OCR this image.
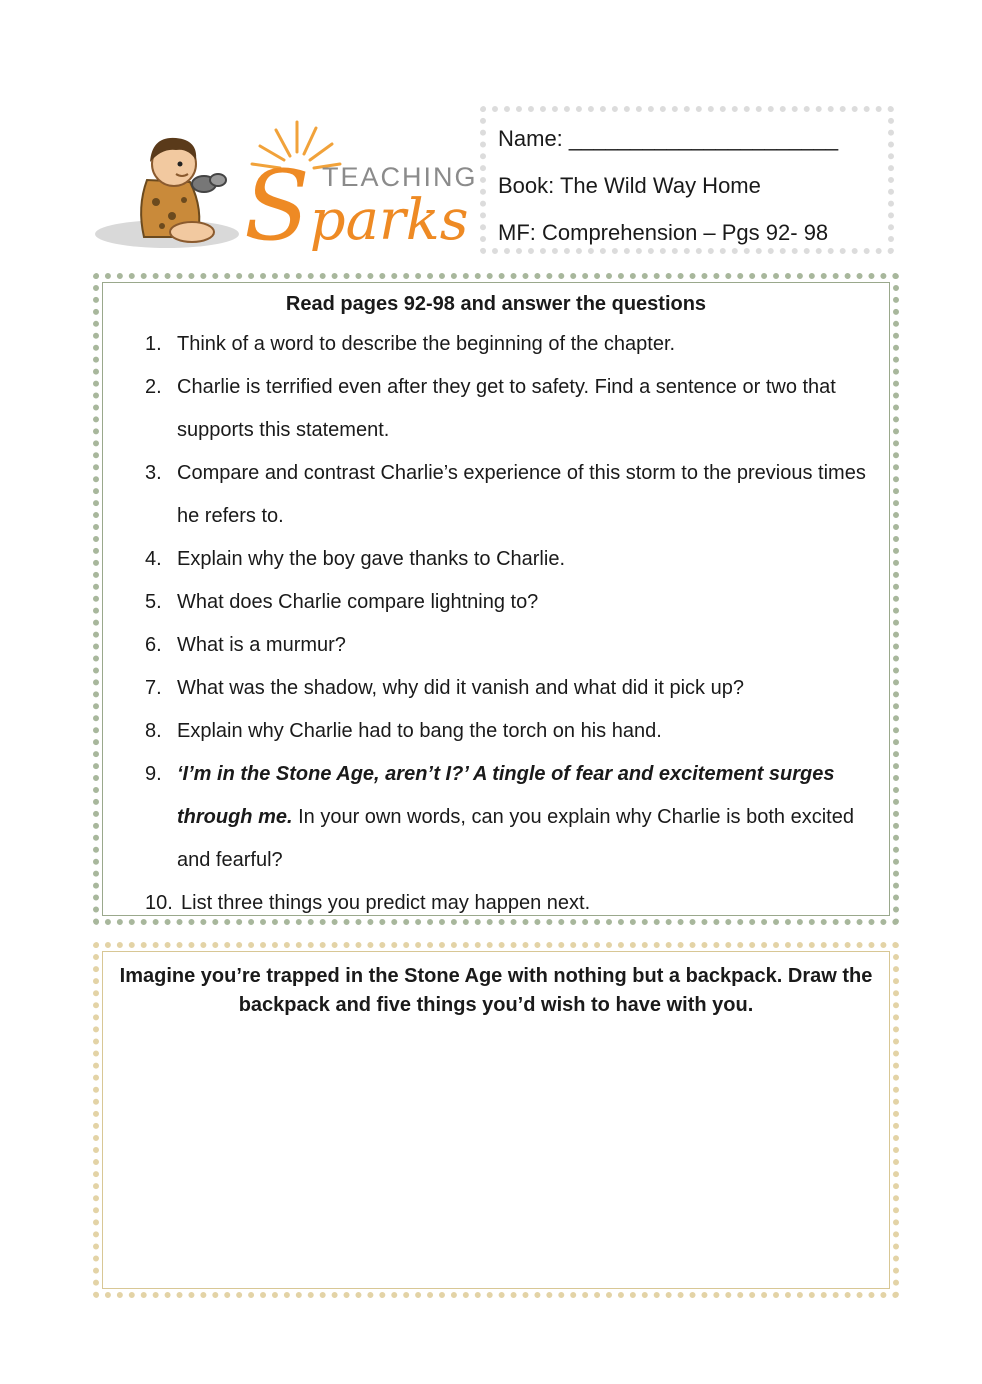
TEACHING
Sparks
Name: ______________________
Book: The Wild Way Home
MF: Comprehension – Pgs 92- 98
Read pages 92-98 and answer the questions
1. Think of a word to describe the beginning of the chapter.
2. Charlie is terrified even after they get to safety. Find a sentence or two that supports this statement.
3. Compare and contrast Charlie’s experience of this storm to the previous times he refers to.
4. Explain why the boy gave thanks to Charlie.
5. What does Charlie compare lightning to?
6. What is a murmur?
7. What was the shadow, why did it vanish and what did it pick up?
8. Explain why Charlie had to bang the torch on his hand.
9. ‘I’m in the Stone Age, aren’t I?’ A tingle of fear and excitement surges through me. In your own words, can you explain why Charlie is both excited and fearful?
10. List three things you predict may happen next.
Imagine you’re trapped in the Stone Age with nothing but a backpack. Draw the backpack and five things you’d wish to have with you.
